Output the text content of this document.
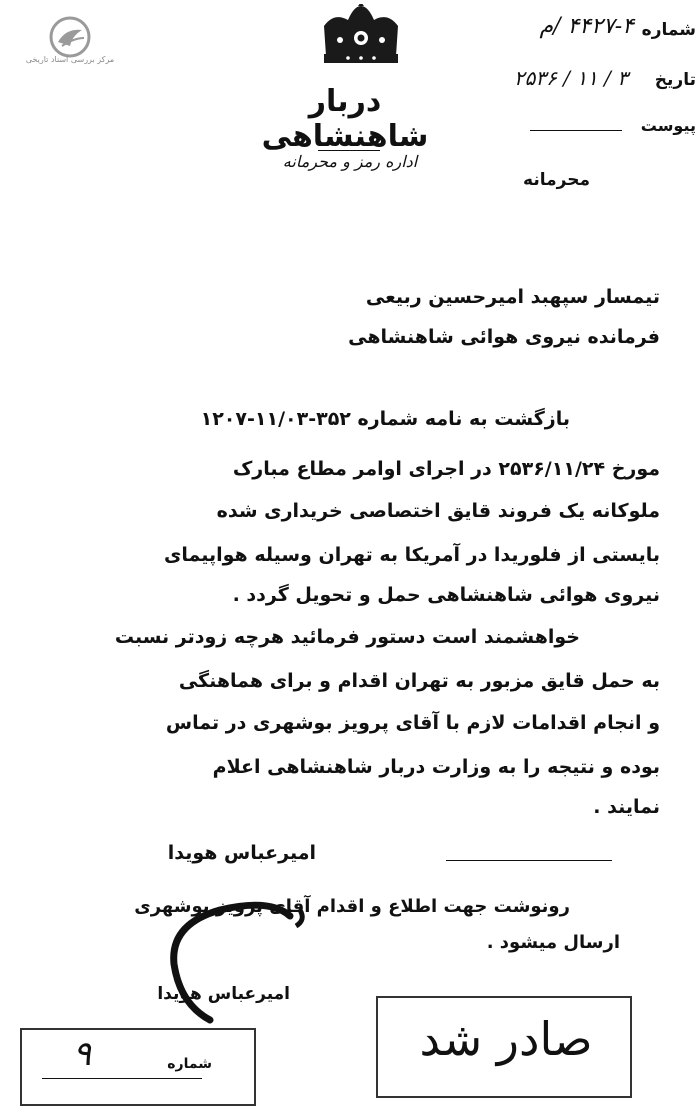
مرکز بررسی اسناد تاریخی
دربار شاهنشاهی
اداره رمز و محرمانه
شماره
۴۴۲۷-۴ /م
تاریخ
۳ / ۱۱ / ۲۵۳۶
پیوست
محرمانه
تیمسار سپهبد امیرحسین ربیعی
فرمانده نیروی هوائی شاهنشاهی
بازگشت به نامه شماره ۳۵۲-۱۱/۰۳-۱۲۰۷
مورخ ۲۵۳۶/۱۱/۲۴ در اجرای اوامر مطاع مبارک
ملوکانه یک فروند قایق اختصاصی خریداری شده
بایستی از فلوریدا در آمریکا به تهران وسیله هواپیمای
نیروی هوائی شاهنشاهی حمل و تحویل گردد .
خواهشمند است دستور فرمائید هرچه زودتر نسبت
به حمل قایق مزبور به تهران اقدام و برای هماهنگی
و انجام اقدامات لازم با آقای پرویز بوشهری در تماس
بوده و نتیجه را به وزارت دربار شاهنشاهی اعلام
نمایند .
امیرعباس هویدا
رونوشت جهت اطلاع و اقدام آقای پرویز بوشهری
ارسال میشود .
امیرعباس هویدا
صادر شد
شماره
۹
